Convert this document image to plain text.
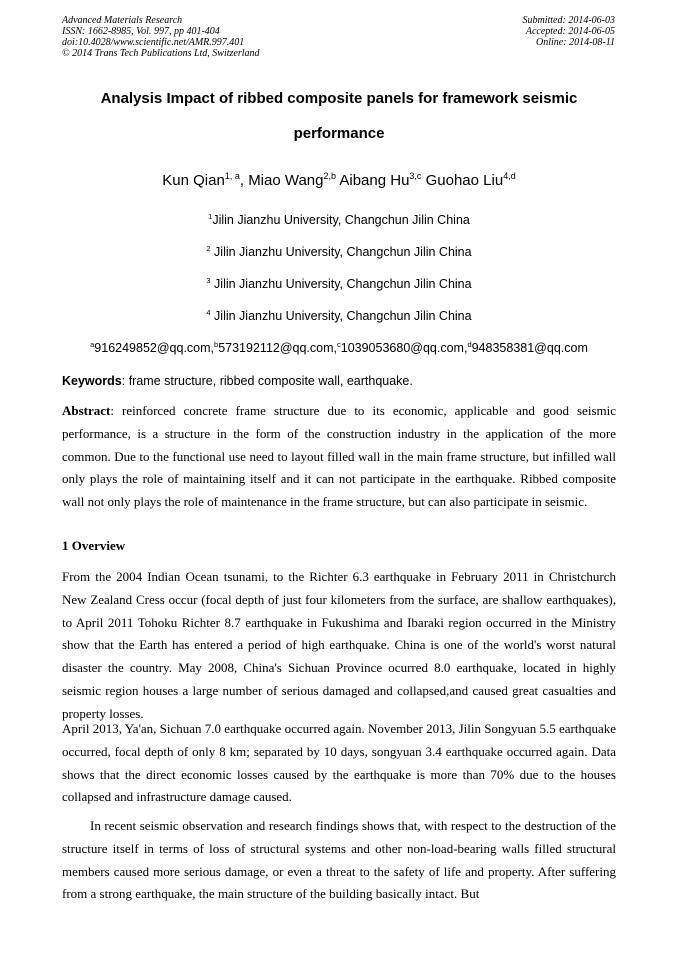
Advanced Materials Research
ISSN: 1662-8985, Vol. 997, pp 401-404
doi:10.4028/www.scientific.net/AMR.997.401
© 2014 Trans Tech Publications Ltd, Switzerland
Submitted: 2014-06-03
Accepted: 2014-06-05
Online: 2014-08-11
Analysis Impact of ribbed composite panels for framework seismic
performance
Kun Qian$^{1, a}$, Miao Wang$^{2,b}$ Aibang Hu$^{3,c}$ Guohao Liu$^{4,d}$
$^1$Jilin Jianzhu University, Changchun Jilin China
$^2$ Jilin Jianzhu University, Changchun Jilin China
$^3$ Jilin Jianzhu University, Changchun Jilin China
$^4$ Jilin Jianzhu University, Changchun Jilin China
$^a$916249852@qq.com,$^b$573192112@qq.com,$^c$1039053680@qq.com,$^d$948358381@qq.com
Keywords: frame structure, ribbed composite wall, earthquake.

Abstract: reinforced concrete frame structure due to its economic, applicable and good seismic performance, is a structure in the form of the construction industry in the application of the more common. Due to the functional use need to layout filled wall in the main frame structure, but infilled wall only plays the role of maintaining itself and it can not participate in the earthquake. Ribbed composite wall not only plays the role of maintenance in the frame structure, but can also participate in seismic.

1 Overview

From the 2004 Indian Ocean tsunami, to the Richter 6.3 earthquake in February 2011 in Christchurch New Zealand Cress occur (focal depth of just four kilometers from the surface, are shallow earthquakes), to April 2011 Tohoku Richter 8.7 earthquake in Fukushima and Ibaraki region occurred in the Ministry show that the Earth has entered a period of high earthquake. China is one of the world's worst natural disaster the country. May 2008, China's Sichuan Province ocurred 8.0 earthquake, located in highly seismic region houses a large number of serious damaged and collapsed,and caused great casualties and property losses.

April 2013, Ya'an, Sichuan 7.0 earthquake occurred again. November 2013, Jilin Songyuan 5.5 earthquake occurred, focal depth of only 8 km; separated by 10 days, songyuan 3.4 earthquake occurred again. Data shows that the direct economic losses caused by the earthquake is more than 70% due to the houses collapsed and infrastructure damage caused.

In recent seismic observation and research findings shows that, with respect to the destruction of the structure itself in terms of loss of structural systems and other non-load-bearing walls filled structural members caused more serious damage, or even a threat to the safety of life and property. After suffering from a strong earthquake, the main structure of the building basically intact. But
